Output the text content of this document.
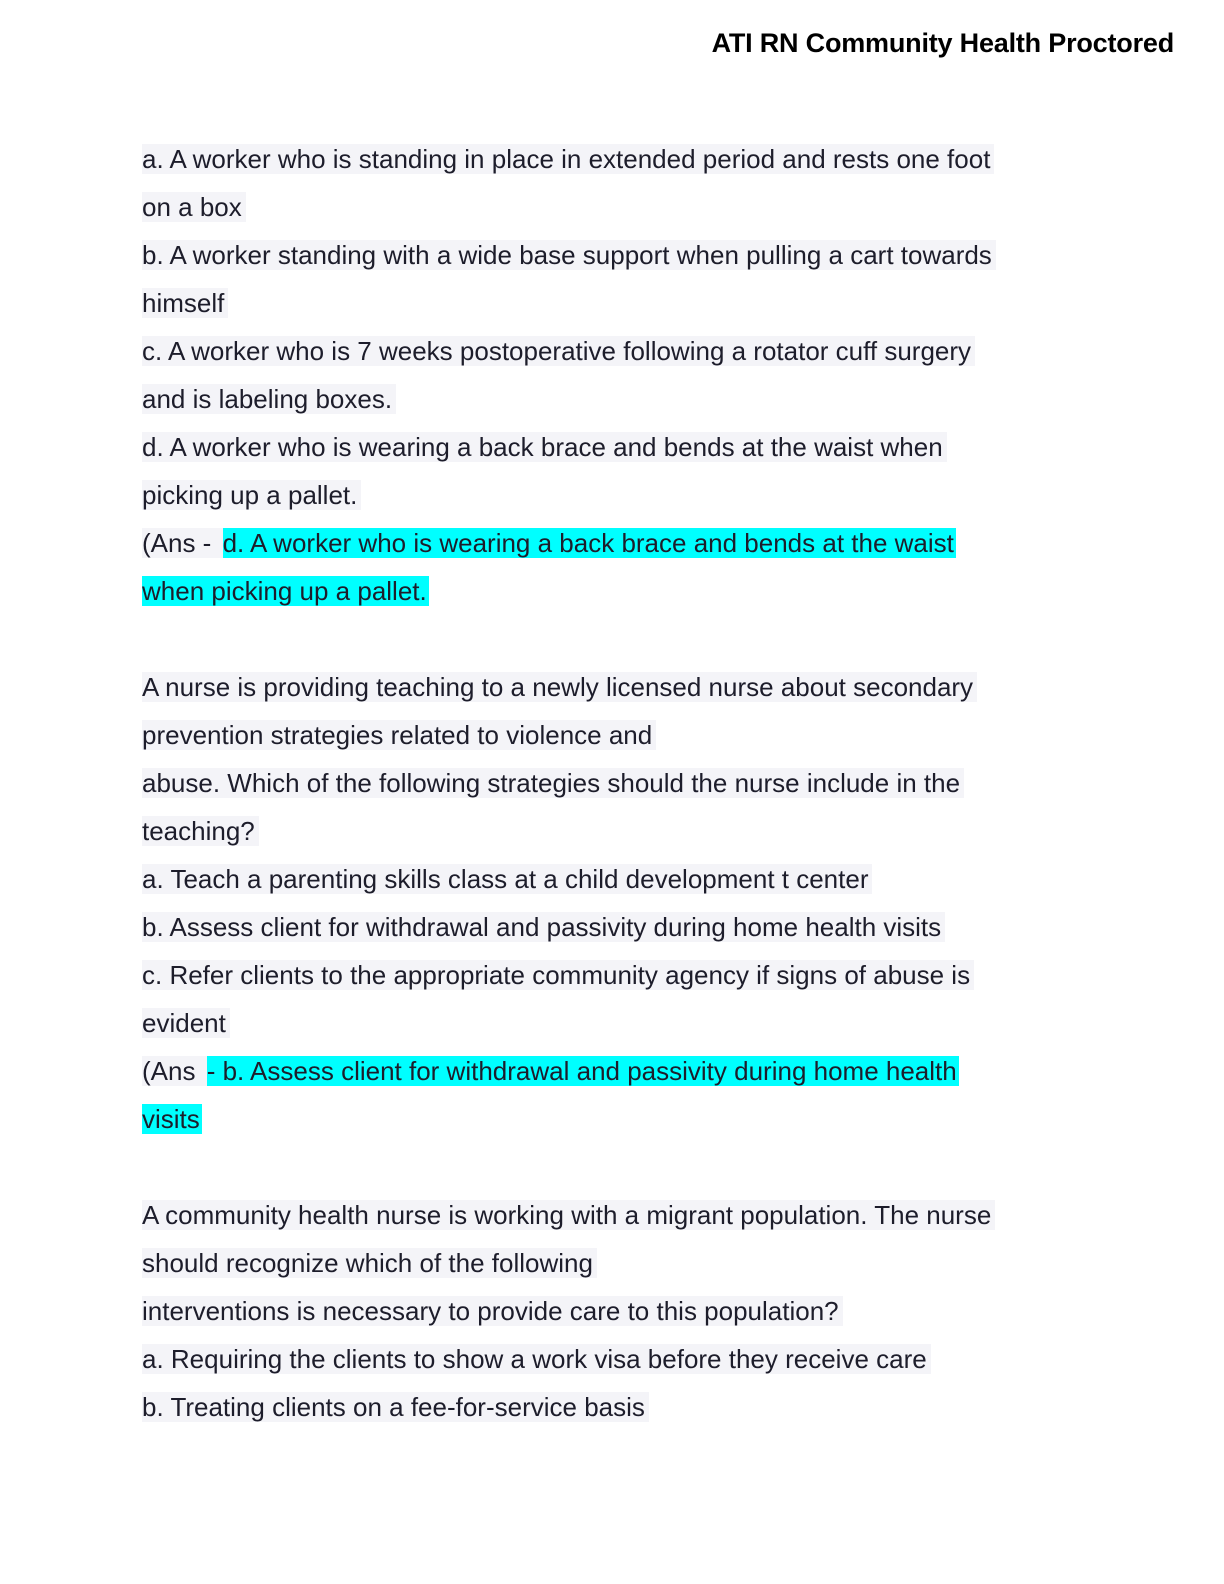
ATI RN Community Health Proctored
a. A worker who is standing in place in extended period and rests one foot
on a box
b. A worker standing with a wide base support when pulling a cart towards
himself
c. A worker who is 7 weeks postoperative following a rotator cuff surgery
and is labeling boxes.
d. A worker who is wearing a back brace and bends at the waist when
picking up a pallet.
(Ans - d. A worker who is wearing a back brace and bends at the waist
when picking up a pallet.
A nurse is providing teaching to a newly licensed nurse about secondary
prevention strategies related to violence and
abuse. Which of the following strategies should the nurse include in the
teaching?
a. Teach a parenting skills class at a child development t center
b. Assess client for withdrawal and passivity during home health visits
c. Refer clients to the appropriate community agency if signs of abuse is
evident
(Ans - b. Assess client for withdrawal and passivity during home health
visits
A community health nurse is working with a migrant population. The nurse
should recognize which of the following
interventions is necessary to provide care to this population?
a. Requiring the clients to show a work visa before they receive care
b. Treating clients on a fee-for-service basis
